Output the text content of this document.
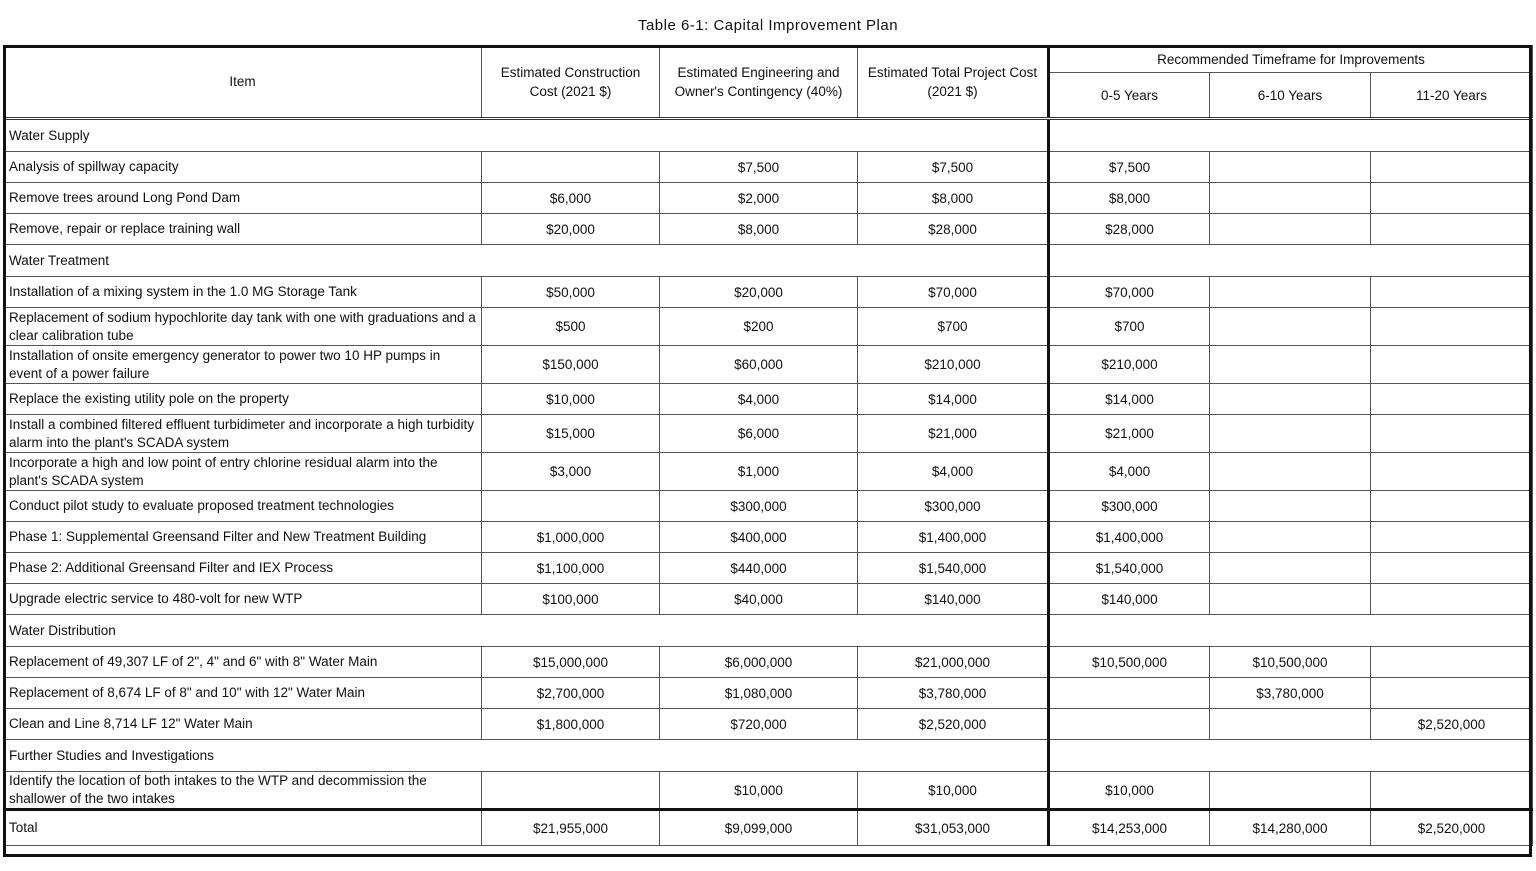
Table 6-1: Capital Improvement Plan
Item	Estimated Construction Cost (2021 $)	Estimated Engineering and Owner's Contingency (40%)	Estimated Total Project Cost (2021 $)	Recommended Timeframe for Improvements		
				0-5 Years	6-10 Years	11-20 Years
Water Supply						
Analysis of spillway capacity		$7,500	$7,500	$7,500		
Remove trees around Long Pond Dam	$6,000	$2,000	$8,000	$8,000		
Remove, repair or replace training wall	$20,000	$8,000	$28,000	$28,000		
Water Treatment						
Installation of a mixing system in the 1.0 MG Storage Tank	$50,000	$20,000	$70,000	$70,000		
Replacement of sodium hypochlorite day tank with one with graduations and a clear calibration tube	$500	$200	$700	$700		
Installation of onsite emergency generator to power two 10 HP pumps in event of a power failure	$150,000	$60,000	$210,000	$210,000		
Replace the existing utility pole on the property	$10,000	$4,000	$14,000	$14,000		
Install a combined filtered effluent turbidimeter and incorporate a high turbidity alarm into the plant's SCADA system	$15,000	$6,000	$21,000	$21,000		
Incorporate a high and low point of entry chlorine residual alarm into the plant's SCADA system	$3,000	$1,000	$4,000	$4,000		
Conduct pilot study to evaluate proposed treatment technologies		$300,000	$300,000	$300,000		
Phase 1: Supplemental Greensand Filter and New Treatment Building	$1,000,000	$400,000	$1,400,000	$1,400,000		
Phase 2: Additional Greensand Filter and IEX Process	$1,100,000	$440,000	$1,540,000	$1,540,000		
Upgrade electric service to 480-volt for new WTP	$100,000	$40,000	$140,000	$140,000		
Water Distribution						
Replacement of 49,307 LF of 2", 4" and 6" with 8" Water Main	$15,000,000	$6,000,000	$21,000,000	$10,500,000	$10,500,000	
Replacement of 8,674 LF of 8" and 10" with 12" Water Main	$2,700,000	$1,080,000	$3,780,000		$3,780,000	
Clean and Line 8,714 LF 12" Water Main	$1,800,000	$720,000	$2,520,000			$2,520,000
Further Studies and Investigations						
Identify the location of both intakes to the WTP and decommission the shallower of the two intakes		$10,000	$10,000	$10,000		
Total	$21,955,000	$9,099,000	$31,053,000	$14,253,000	$14,280,000	$2,520,000
